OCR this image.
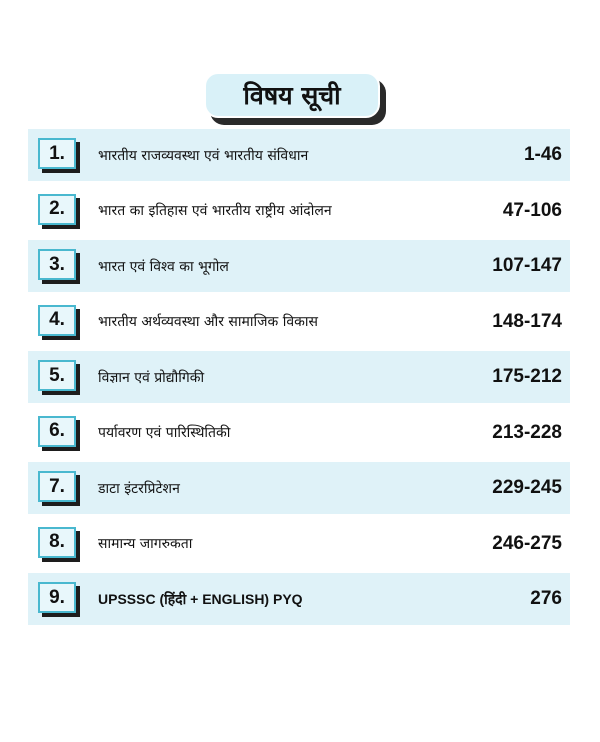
विषय सूची
1.	भारतीय राजव्यवस्था एवं भारतीय संविधान	1-46
2.	भारत का इतिहास एवं भारतीय राष्ट्रीय आंदोलन	47-106
3.	भारत एवं विश्व का भूगोल	107-147
4.	भारतीय अर्थव्यवस्था और सामाजिक विकास	148-174
5.	विज्ञान एवं प्रोद्यौगिकी	175-212
6.	पर्यावरण एवं पारिस्थितिकी	213-228
7.	डाटा इंटरप्रिटेशन	229-245
8.	सामान्य जागरुकता	246-275
9.	UPSSSC (हिंदी + ENGLISH) PYQ	276
